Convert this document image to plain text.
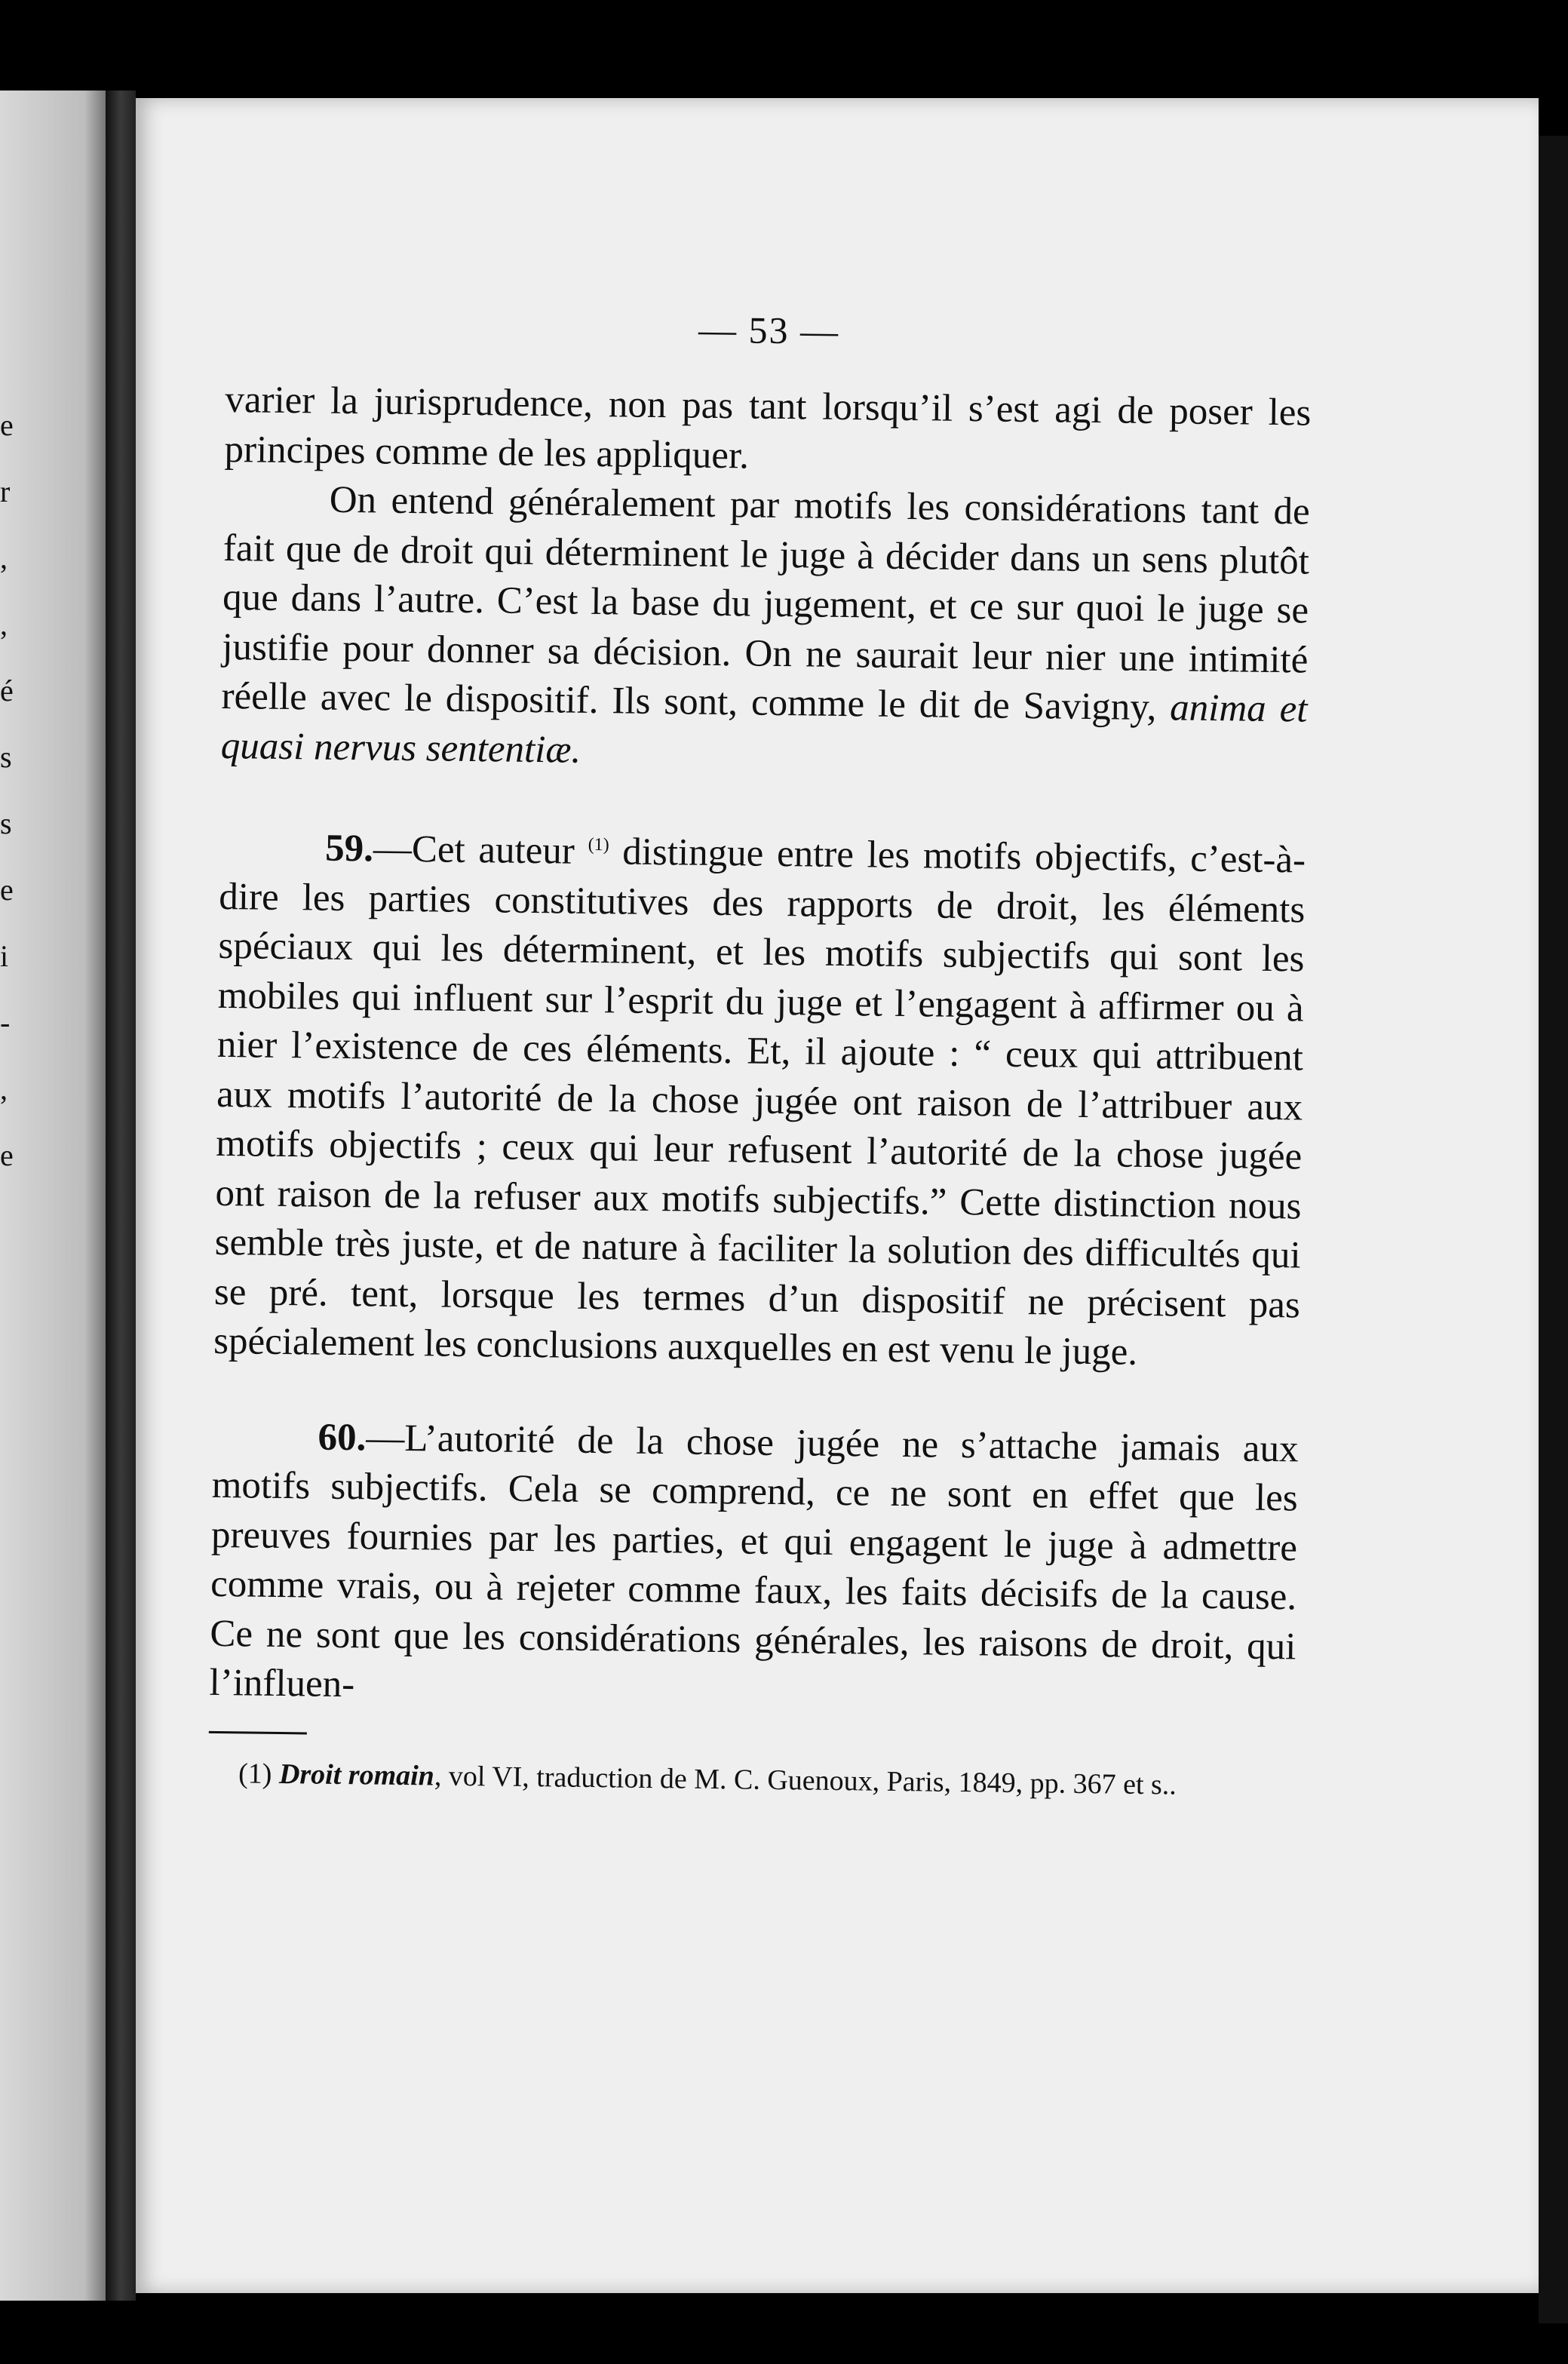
e
r
,
,
é
s
s
e
i
-
,
e
— 53 —

varier la jurisprudence, non pas tant lorsqu’il s’est agi de poser les principes comme de les appliquer.

On entend généralement par motifs les considérations tant de fait que de droit qui déterminent le juge à décider dans un sens plutôt que dans l’autre. C’est la base du jugement, et ce sur quoi le juge se justifie pour donner sa décision. On ne saurait leur nier une intimité réelle avec le dispositif. Ils sont, comme le dit de Savigny, anima et quasi nervus sententiæ.

59.—Cet auteur $^{(1)}$ distingue entre les motifs objectifs, c’est-à-dire les parties constitutives des rapports de droit, les éléments spéciaux qui les déterminent, et les motifs subjectifs qui sont les mobiles qui influent sur l’esprit du juge et l’engagent à affirmer ou à nier l’existence de ces éléments. Et, il ajoute : “ ceux qui attribuent aux motifs l’autorité de la chose jugée ont raison de l’attribuer aux motifs objectifs ; ceux qui leur refusent l’autorité de la chose jugée ont raison de la refuser aux motifs subjectifs.” Cette distinction nous semble très juste, et de nature à faciliter la solution des difficultés qui se pré. tent, lorsque les termes d’un dispositif ne précisent pas spécialement les conclusions auxquelles en est venu le juge.

60.—L’autorité de la chose jugée ne s’attache jamais aux motifs subjectifs. Cela se comprend, ce ne sont en effet que les preuves fournies par les parties, et qui engagent le juge à admettre comme vrais, ou à rejeter comme faux, les faits décisifs de la cause. Ce ne sont que les considérations générales, les raisons de droit, qui l’influen-

(1) Droit romain, vol VI, traduction de M. C. Guenoux, Paris, 1849, pp. 367 et s..
